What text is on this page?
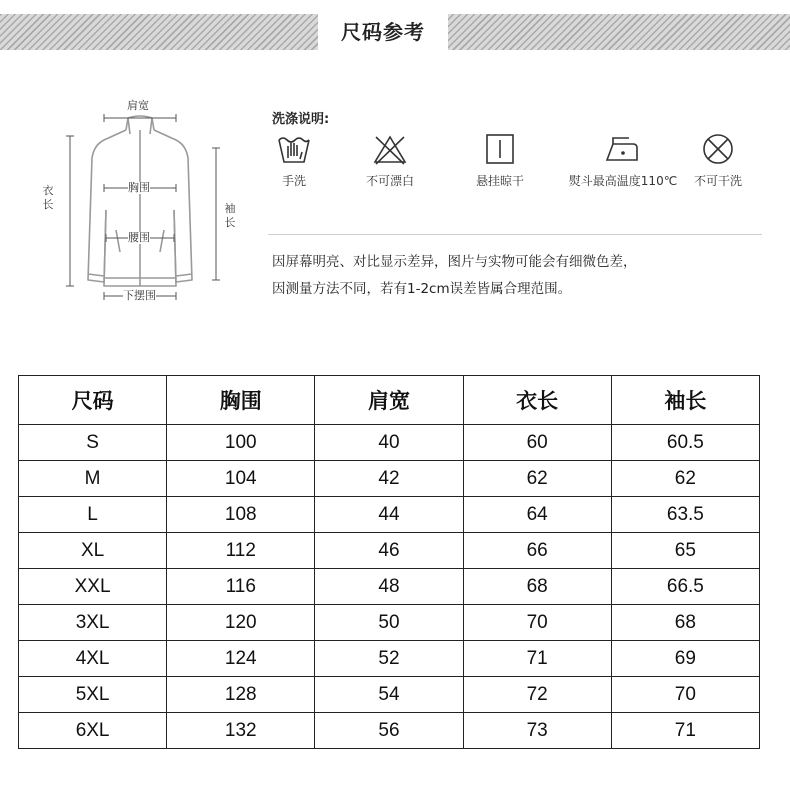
尺码参考
肩宽
胸围
腰围
下摆围
衣长	袖长
洗涤说明:
手洗	不可漂白	悬挂晾干	熨斗最高温度110℃	不可干洗
因屏幕明亮、对比显示差异，图片与实物可能会有细微色差，
因测量方法不同，若有1-2cm误差皆属合理范围。
尺码	胸围	肩宽	衣长	袖长
S	100	40	60	60.5
M	104	42	62	62
L	108	44	64	63.5
XL	112	46	66	65
XXL	116	48	68	66.5
3XL	120	50	70	68
4XL	124	52	71	69
5XL	128	54	72	70
6XL	132	56	73	71
